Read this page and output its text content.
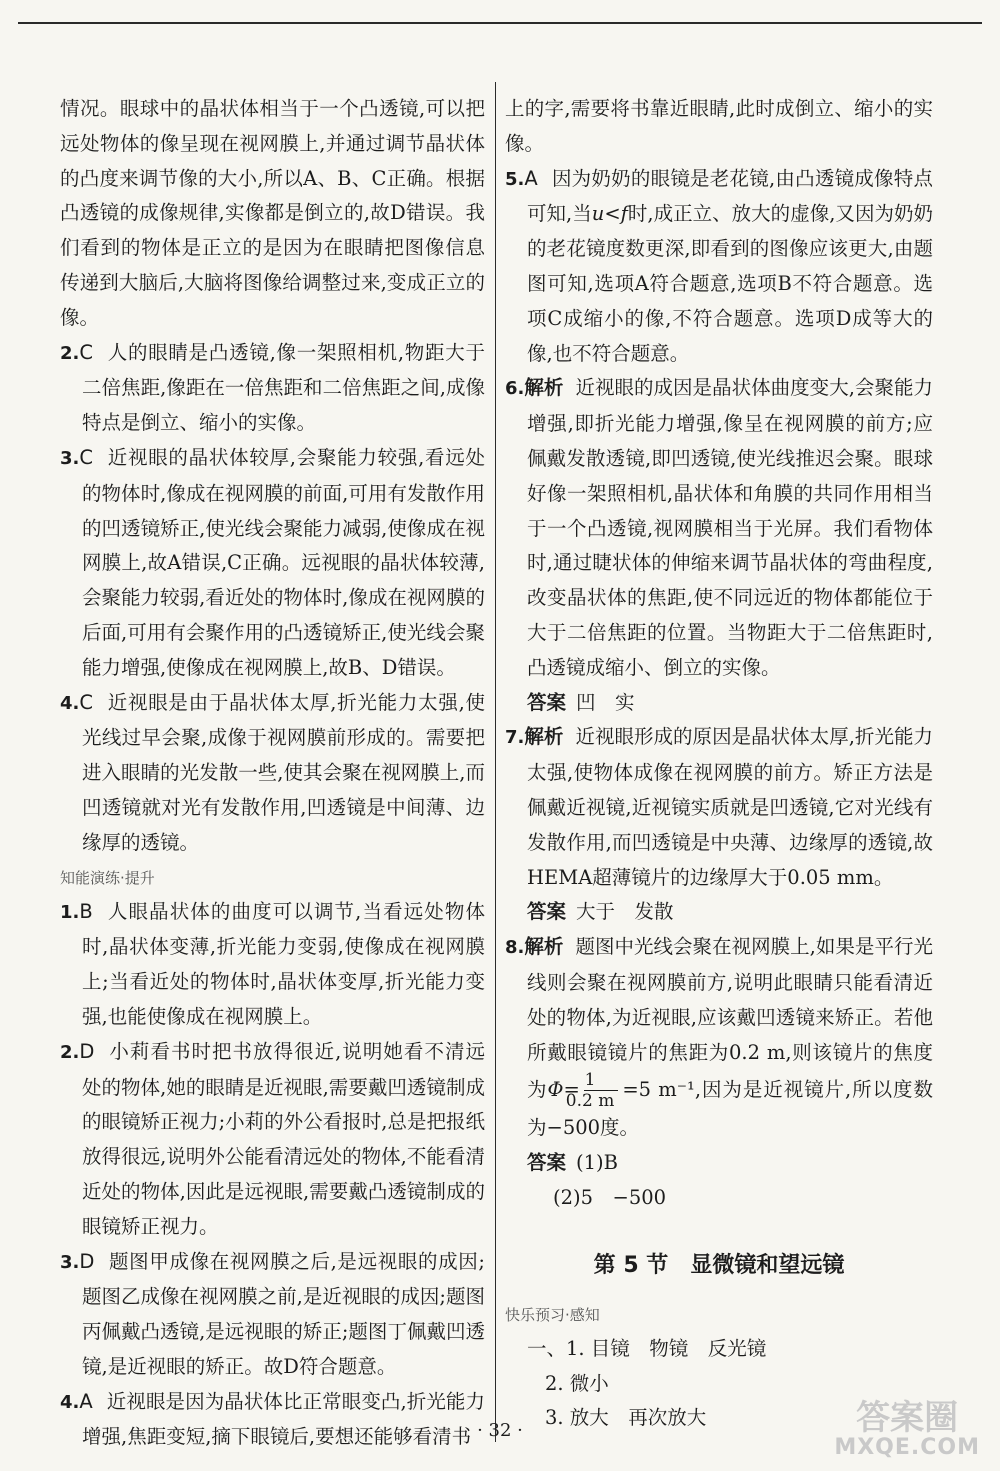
情况。眼球中的晶状体相当于一个凸透镜,可以把远处物体的像呈现在视网膜上,并通过调节晶状体的凸度来调节像的大小,所以A、B、C正确。根据凸透镜的成像规律,实像都是倒立的,故D错误。我们看到的物体是正立的是因为在眼睛把图像信息传递到大脑后,大脑将图像给调整过来,变成正立的像。

2.C 人的眼睛是凸透镜,像一架照相机,物距大于二倍焦距,像距在一倍焦距和二倍焦距之间,成像特点是倒立、缩小的实像。

3.C 近视眼的晶状体较厚,会聚能力较强,看远处的物体时,像成在视网膜的前面,可用有发散作用的凹透镜矫正,使光线会聚能力减弱,使像成在视网膜上,故A错误,C正确。远视眼的晶状体较薄,会聚能力较弱,看近处的物体时,像成在视网膜的后面,可用有会聚作用的凸透镜矫正,使光线会聚能力增强,使像成在视网膜上,故B、D错误。

4.C 近视眼是由于晶状体太厚,折光能力太强,使光线过早会聚,成像于视网膜前形成的。需要把进入眼睛的光发散一些,使其会聚在视网膜上,而凹透镜就对光有发散作用,凹透镜是中间薄、边缘厚的透镜。

知能演练·提升

1.B 人眼晶状体的曲度可以调节,当看远处物体时,晶状体变薄,折光能力变弱,使像成在视网膜上;当看近处的物体时,晶状体变厚,折光能力变强,也能使像成在视网膜上。

2.D 小莉看书时把书放得很近,说明她看不清远处的物体,她的眼睛是近视眼,需要戴凹透镜制成的眼镜矫正视力;小莉的外公看报时,总是把报纸放得很远,说明外公能看清远处的物体,不能看清近处的物体,因此是远视眼,需要戴凸透镜制成的眼镜矫正视力。

3.D 题图甲成像在视网膜之后,是远视眼的成因;题图乙成像在视网膜之前,是近视眼的成因;题图丙佩戴凸透镜,是远视眼的矫正;题图丁佩戴凹透镜,是近视眼的矫正。故D符合题意。

4.A 近视眼是因为晶状体比正常眼变凸,折光能力增强,焦距变短,摘下眼镜后,要想还能够看清书

上的字,需要将书靠近眼睛,此时成倒立、缩小的实像。

5.A 因为奶奶的眼镜是老花镜,由凸透镜成像特点可知,当u<f时,成正立、放大的虚像,又因为奶奶的老花镜度数更深,即看到的图像应该更大,由题图可知,选项A符合题意,选项B不符合题意。选项C成缩小的像,不符合题意。选项D成等大的像,也不符合题意。

6.解析 近视眼的成因是晶状体曲度变大,会聚能力增强,即折光能力增强,像呈在视网膜的前方;应佩戴发散透镜,即凹透镜,使光线推迟会聚。眼球好像一架照相机,晶状体和角膜的共同作用相当于一个凸透镜,视网膜相当于光屏。我们看物体时,通过睫状体的伸缩来调节晶状体的弯曲程度,改变晶状体的焦距,使不同远近的物体都能位于大于二倍焦距的位置。当物距大于二倍焦距时,凸透镜成缩小、倒立的实像。

答案 凹　实

7.解析 近视眼形成的原因是晶状体太厚,折光能力太强,使物体成像在视网膜的前方。矫正方法是佩戴近视镜,近视镜实质就是凹透镜,它对光线有发散作用,而凹透镜是中央薄、边缘厚的透镜,故HEMA超薄镜片的边缘厚大于0.05 mm。

答案 大于　发散

8.解析 题图中光线会聚在视网膜上,如果是平行光线则会聚在视网膜前方,说明此眼睛只能看清近处的物体,为近视眼,应该戴凹透镜来矫正。若他所戴眼镜镜片的焦距为0.2 m,则该镜片的焦度为$\Phi= \frac{1}{0.2 m} =5$ m⁻¹,因为是近视镜片,所以度数为−500度。

答案 (1)B

(2)5　−500

第 5 节 显微镜和望远镜

快乐预习·感知

一、1. 目镜　物镜　反光镜

2. 微小

3. 放大　再次放大

· 32 ·	答案圈
MXQE.COM
